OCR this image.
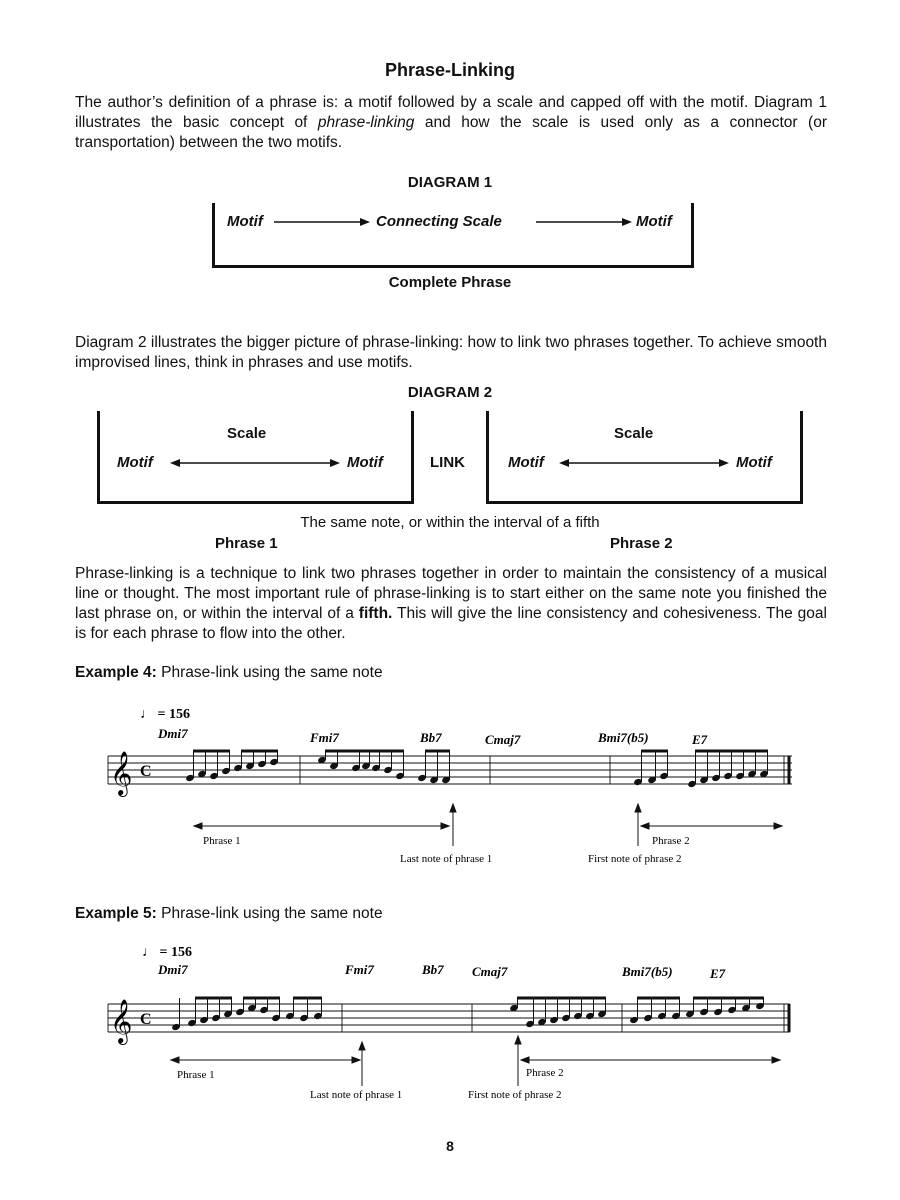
Phrase-Linking
The author’s definition of a phrase is: a motif followed by a scale and capped off with the motif. Diagram 1 illustrates the basic concept of phrase-linking and how the scale is used only as a connector (or transportation) between the two motifs.
DIAGRAM 1
Motif	Connecting Scale	Motif
Complete Phrase
Diagram 2 illustrates the bigger picture of phrase-linking: how to link two phrases together. To achieve smooth improvised lines, think in phrases and use motifs.
DIAGRAM 2
Scale
Motif	Motif	LINK
Scale
Motif	Motif
The same note, or within the interval of a fifth
Phrase 1	Phrase 2
Phrase-linking is a technique to link two phrases together in order to maintain the consistency of a musical line or thought. The most important rule of phrase-linking is to start either on the same note you finished the last phrase on, or within the interval of a fifth. This will give the line consistency and cohesiveness. The goal is for each phrase to flow into the other.
Example 4: Phrase-link using the same note
♩ = 156
Dmi7	Fmi7	Bb7	Cmaj7	Bmi7(b5)	E7
𝄞 C
Phrase 1	Phrase 2
Last note of phrase 1	First note of phrase 2
Example 5: Phrase-link using the same note
♩ = 156
Dmi7	Fmi7	Bb7 Cmaj7	Bmi7(b5)	E7
𝄞 C
Phrase 1	Phrase 2
Last note of phrase 1	First note of phrase 2
8
